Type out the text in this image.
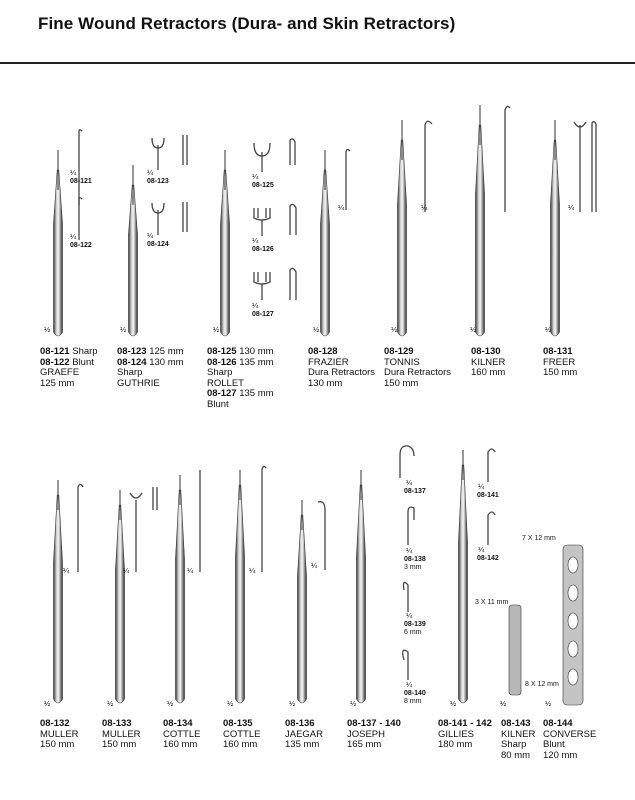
Fine Wound Retractors (Dura- and Skin Retractors)
08-121 Sharp
08-122 Blunt
GRAEFE
125 mm
08-123 125 mm
08-124 130 mm
Sharp
GUTHRIE
08-125 130 mm
08-126 135 mm
Sharp
ROLLET
08-127 135 mm
Blunt
08-128
FRAZIER
Dura Retractors
130 mm
08-129
TONNIS
Dura Retractors
150 mm
08-130
KILNER
160 mm
08-131
FREER
150 mm
08-132
MULLER
150 mm
08-133
MULLER
150 mm
08-134
COTTLE
160 mm
08-135
COTTLE
160 mm
08-136
JAEGAR
135 mm
08-137 - 140
JOSEPH
165 mm
08-141 - 142
GILLIES
180 mm
08-143
KILNER
Sharp
80 mm
08-144
CONVERSE
Blunt
120 mm
08-121
08-122
08-123
08-124
08-125
08-126
08-127
08-137
08-138
08-139
08-140
08-141
08-142
3 mm
6 mm
8 mm
7 X 12 mm
3 X 11 mm
8 X 12 mm
½	½	½	½	½	½	½
¼
¼
¼
¼
¼
¼
¼
¼	¼	¼
½	½	½	½	½	½	½	½	½
¼	¼	¼	¼
¼
¼
¼
¼
¼
¼
¼
